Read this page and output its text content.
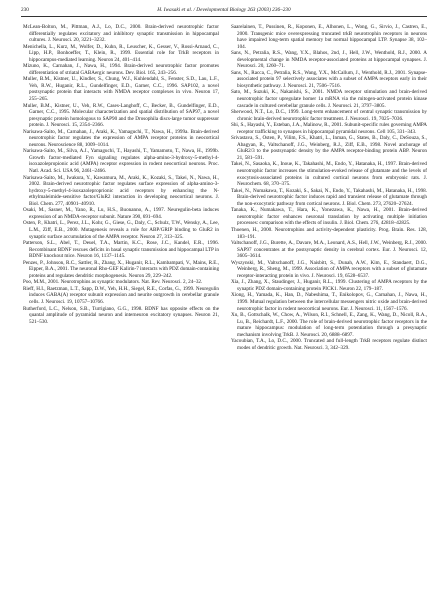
230	H. Iwasaki et al. / Developmental Biology 263 (2003) 236–230

McLean-Bolton, M., Pittman, A.J., Lo, D.C., 2000. Brain-derived neurotrophic factor differentially regulates excitatory and inhibitory synaptic transmission in hippocampal cultures. J. Neurosci. 20, 3221–3232.

Menichella, L., Kurz, M., Wolfer, D., Kuhn, R., Leuscher, K., Gesser, V., Rossi-Arnaud, C., Lipp, H.P., Bonhoeffer, T., Klein, R., 1999. Essential role for TrkB receptors in hippocampus-mediated learning. Neuron 24, 401–414.

Mizuno, K., Carnahan, J., Nawa, H., 1994. Brain-derived neurotrophic factor promotes differentiation of striatal GABAergic neurons. Dev. Biol. 165, 243–256.

Muller, B.M., Kistner, U., Kindler, S., Chung, W.J., Kuhlendahl, S., Fenster, S.D., Lau, L.F., Veh, R.W., Huganir, R.L., Gundelfinger, E.D., Garner, C.C., 1996. SAP102, a novel postsynaptic protein that interacts with NMDA receptor complexes in vivo. Neuron 17, 255–265.

Muller, B.M., Kistner, U., Veh, R.W., Cases-Langhoff, C., Becker, B., Gundelfinger, E.D., Garner, C.C., 1995. Molecular characterization and spatial distribution of SAP97, a novel presynaptic protein homologous to SAP90 and the Drosophila discs-large tumor suppressor protein. J. Neurosci. 15, 2354–2366.

Narisawa-Saito, M., Carnahan, J., Araki, K., Yamaguchi, T., Nawa, H., 1999a. Brain-derived neurotrophic factor regulates the expression of AMPA receptor proteins in neocortical neurons. Neuroscience 88, 1009–1014.

Narisawa-Saito, M., Silva, A.J., Yamaguchi, T., Hayashi, T., Yamamoto, T., Nawa, H., 1999b. Growth factor-mediated Fyn signaling regulates alpha-amino-3-hydroxy-5-methyl-4-isoxazolepropionic acid (AMPA) receptor expression in rodent neocortical neurons. Proc. Natl. Acad. Sci. USA 96, 2461–2466.

Narisawa-Saito, M., Iwakura, Y., Kawamura, M., Araki, K., Kozaki, S., Takei, N., Nawa, H., 2002. Brain-derived neurotrophic factor regulates surface expression of alpha-amino-3-hydroxy-5-methyl-4-isoxazoleproprionic acid receptors by enhancing the N-ethylmaleimide-sensitive factor/GluR2 interaction in developing neocortical neurons. J. Biol. Chem. 277, 40901–40910.

Osaki, M., Sasner, M., Yano, R., Lu, H.S., Buonanno, A., 1997. Neuregulin-beta induces expression of an NMDA-receptor subunit. Nature 390, 691–694.

Osten, P., Khatri, L., Perez, J.L., Kohr, G., Giese, G., Daly, C., Schulz, T.W., Wensky, A., Lee, L.M., Ziff, E.B., 2000. Mutagenesis reveals a role for ABP/GRIP binding to GluR2 in synaptic surface accumulation of the AMPA receptor. Neuron 27, 313–325.

Patterson, S.L., Abel, T., Deuel, T.A., Martin, K.C., Rose, J.C., Kandel, E.R., 1996. Recombinant BDNF rescues deficits in basal synaptic transmission and hippocampal LTP in BDNF knockout mice. Neuron 16, 1137–1145.

Penzes, P., Johnson, R.C., Sattler, R., Zhang, X., Huganir, R.L., Kambampati, V., Mains, R.E., Eipper, B.A., 2001. The neuronal Rho-GEF Kalirin-7 interacts with PDZ domain-containing proteins and regulates dendritic morphogenesis. Neuron 29, 229–242.

Poo, M.M., 2001. Neurotrophins as synaptic modulators. Nat. Rev. Neurosci. 2, 24–32.

Rieff, H.I., Raetzman, L.T., Sapp, D.W., Yeh, H.H., Siegel, R.E., Corfas, G., 1999. Neuregulin induces GABA(A) receptor subunit expression and neurite outgrowth in cerebellar granule cells. J. Neurosci. 19, 10757–10766.

Rutherford, L.C., Nelson, S.B., Turrigiano, G.G., 1998. BDNF has opposite effects on the quantal amplitude of pyramidal neuron and interneuron excitatory synapses. Neuron 21, 521–530.

Saarelainen, T., Pussinen, R., Koponen, E., Alhonen, L., Wong, G., Sirvio, J., Castren, E., 2000. Transgenic mice overexpressing truncated trkB neurotrophin receptors in neurons have impaired long-term spatial memory but normal hippocampal LTP. Synapse 38, 102–104.

Sans, N., Petralia, R.S., Wang, Y.X., Blahos, 2nd, J., Hell, J.W., Wenthold, R.J., 2000. A developmental change in NMDA receptor-associated proteins at hippocampal synapses. J. Neurosci. 20, 1260–71.

Sans, N., Racca, C., Petralia, R.S., Wang, Y.X., McCallum, J., Wenthold, R.J., 2001. Synapse-associated protein 97 selectively associates with a subset of AMPA receptors early in their biosynthetic pathway. J. Neurosci. 21, 7506–7516.

Sato, M., Suzuki, K., Nakanishi, S., 2001. NMDA receptor stimulation and brain-derived neurotrophic factor upregulate homer 1a mRNA via the mitogen-activated protein kinase cascade in cultured cerebellar granule cells. J. Neurosci. 21, 3797–3805.

Sherwood, N.T., Lo, D.C., 1999. Long-term enhancement of central synaptic transmission by chronic brain-derived neurotrophic factor treatment. J. Neurosci. 19, 7025–7036.

Shi, S., Hayashi, Y., Esteban, J.A., Malinow, R., 2001. Subunit-specific rules governing AMPA receptor trafficking to synapses in hippocampal pyramidal neurons. Cell 105, 331–343.

Srivastava, S., Osten, P., Vilim, F.S., Khatri, L., Inman, G., States, B., Daly, C., DeSouza, S., Abagyan, R., Valtschanoff, J.G., Weinberg, R.J., Ziff, E.B., 1998. Novel anchorage of GluR2/3 to the postsynaptic density by the AMPA receptor-binding protein ABP. Neuron 21, 581–591.

Takei, N., Sasaoka, K., Inoue, K., Takahashi, M., Endo, Y., Hatanaka, H., 1997. Brain-derived neurotrophic factor increases the stimulation-evoked release of glutamate and the levels of exocytosis-associated proteins in cultured cortical neurons from embryonic rats. J. Neurochem. 68, 370–375.

Takei, N., Numakawa, T., Kozaki, S., Sakai, N., Endo, Y., Takahashi, M., Hatanaka, H., 1998. Brain-derived neurotrophic factor induces rapid and transient release of glutamate through the non-exocytotic pathway from cortical neurons. J. Biol. Chem. 273, 27620–27624.

Tanaka, K., Numakawa, T., Hara, K., Yonezawa, K., Nawa, H., 2001. Brain-derived neurotrophic factor enhances neuronal translation by activating multiple initiation processes: comparison with the effects of insulin. J. Biol. Chem. 276, 42818–42825.

Thoenen, H., 2000. Neurotrophins and activity-dependent plasticity. Prog. Brain. Res. 128, 183–191.

Valtschanoff, J.G., Burette, A., Davare, M.A., Leonard, A.S., Hell, J.W., Weinberg, R.J., 2000. SAP97 concentrates at the postsynaptic density in cerebral cortex. Eur. J. Neurosci. 12, 3605–3614.

Wyszynski, M., Valtschanoff, J.G., Naisbitt, S., Dunah, A.W., Kim, E., Standaert, D.G., Weinberg, R., Sheng, M., 1999. Association of AMPA receptors with a subset of glutamate receptor-interacting protein in vivo. J. Neurosci. 19, 6528–6537.

Xia, J., Zhang, X., Staudinger, J., Huganir, R.L., 1999. Clustering of AMPA receptors by the synaptic PDZ domain-containing protein PICK1. Neuron 22, 179–187.

Xiong, H., Yamada, K., Han, D., Nabeshima, T., Enikolopov, G., Carnahan, J., Nawa, H., 1999. Mutual regulation between the intercellular messengers nitric oxide and brain-derived neurotrophic factor in rodent neocortical neurons. Eur. J. Neurosci. 11, 1567–1576.

Xu, B., Gottschalk, W., Chow, A., Wilson, R.I., Schnell, E., Zang, K., Wang, D., Nicoll, R.A., Lu, B., Reichardt, L.F., 2000. The role of brain-derived neurotrophic factor receptors in the mature hippocampus: modulation of long-term potentiation through a presynaptic mechanism involving TrkB. J. Neurosci. 20, 6888–6897.

Yacoubian, T.A., Lo, D.C., 2000. Truncated and full-length TrkB receptors regulate distinct modes of dendritic growth. Nat. Neurosci. 3, 342–329.
